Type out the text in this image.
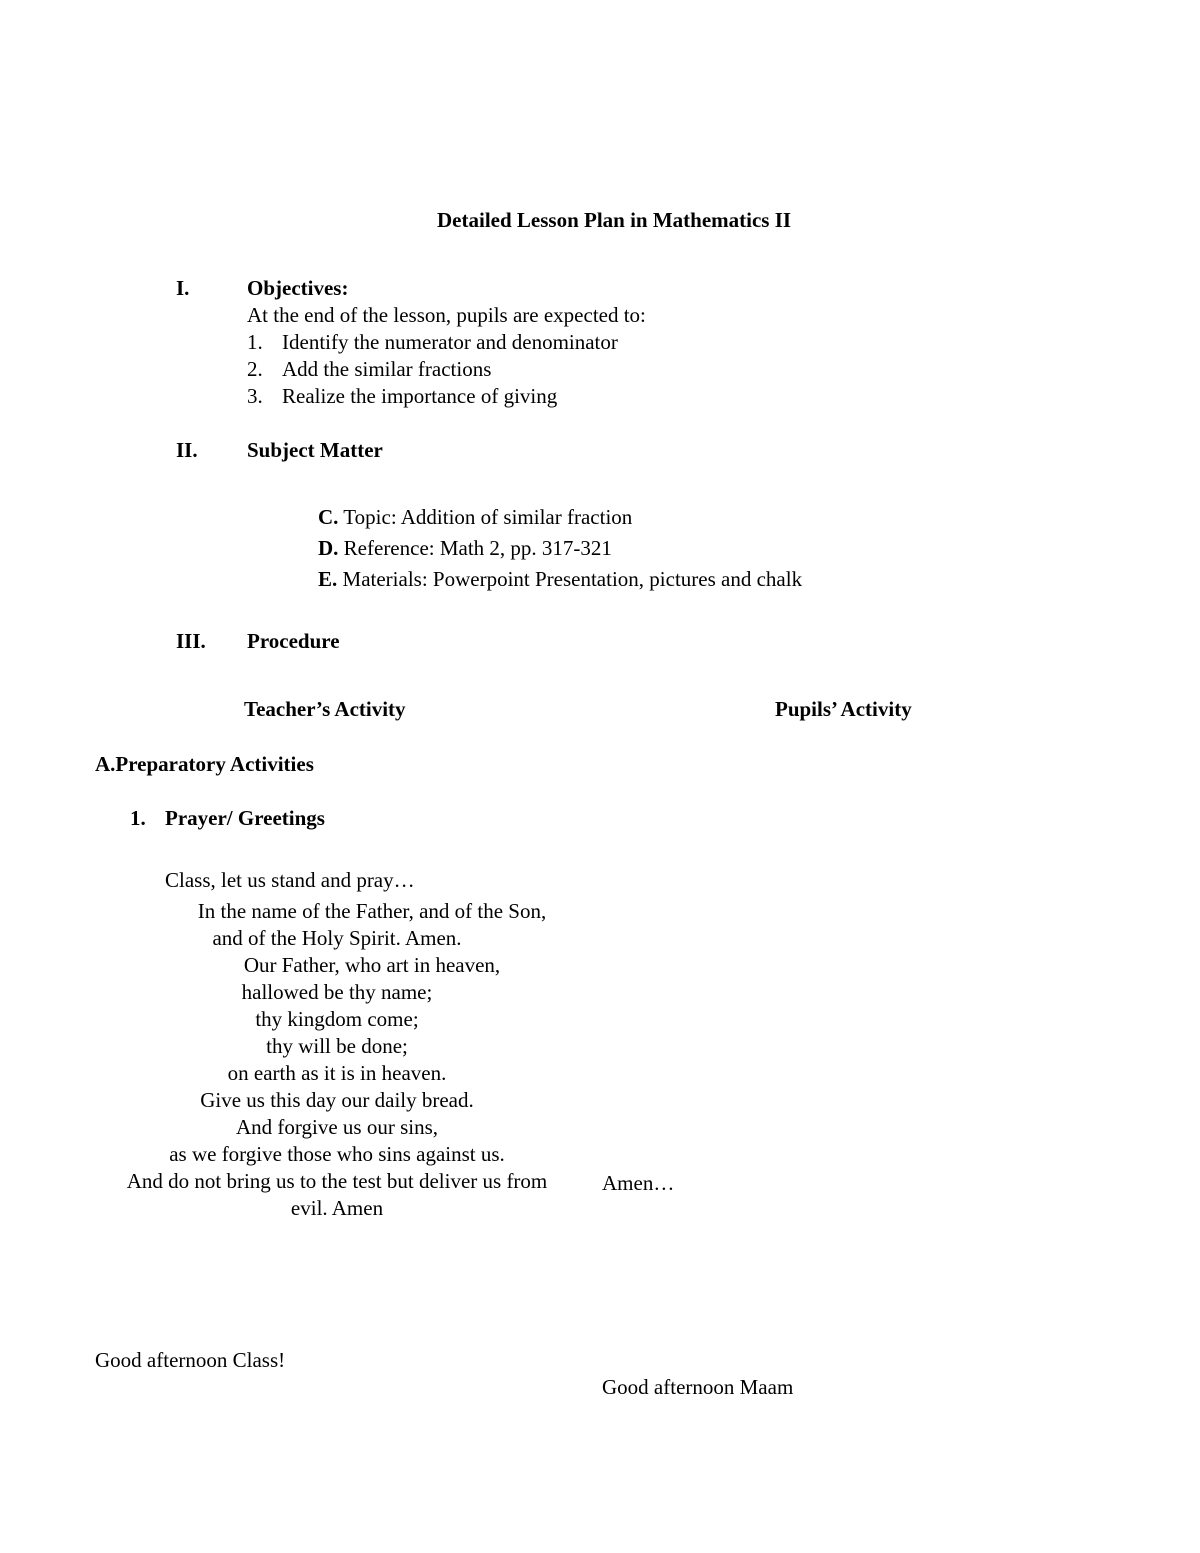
Detailed Lesson Plan in Mathematics II
I.	Objectives:
At the end of the lesson, pupils are expected to:
1. Identify the numerator and denominator
2. Add the similar fractions
3. Realize the importance of giving
II. Subject Matter
C. Topic: Addition of similar fraction
D. Reference: Math 2, pp. 317-321
E. Materials: Powerpoint Presentation, pictures and chalk
III. Procedure
Teacher’s Activity	Pupils’ Activity
A.Preparatory Activities
1. Prayer/ Greetings
Class, let us stand and pray…
In the name of the Father, and of the Son,
and of the Holy Spirit. Amen.
Our Father, who art in heaven,
hallowed be thy name;
thy kingdom come;
thy will be done;
on earth as it is in heaven.
Give us this day our daily bread.
And forgive us our sins,
as we forgive those who sins against us.
And do not bring us to the test but deliver us from
evil. Amen
Amen…
Good afternoon Class!
Good afternoon Maam
